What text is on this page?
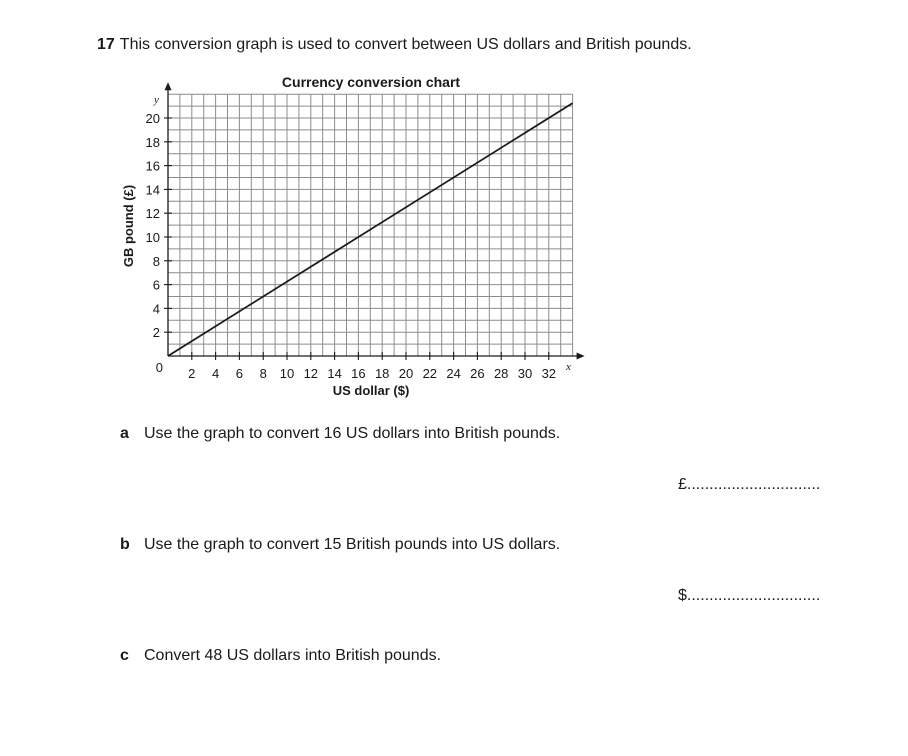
17 This conversion graph is used to convert between US dollars and British pounds.
Currency conversion chart
2 4 6 8 10 12 14 16 18 20 22 24 26 28 30 32
2
4
6
8
10
12
14
16
18
20
US dollar ($)
GB pound (£)
x
y
0
a Use the graph to convert 16 US dollars into British pounds.
£..............................
b Use the graph to convert 15 British pounds into US dollars.
$..............................
c Convert 48 US dollars into British pounds.
